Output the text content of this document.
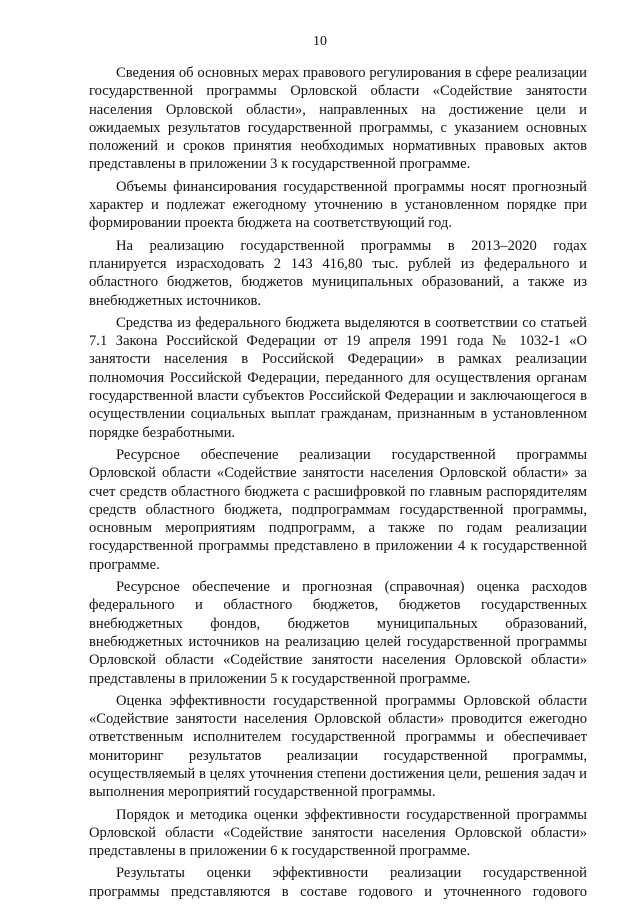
10

Сведения об основных мерах правового регулирования в сфере реализации государственной программы Орловской области «Содействие занятости населения Орловской области», направленных на достижение цели и ожидаемых результатов государственной программы, с указанием основных положений и сроков принятия необходимых нормативных правовых актов представлены в приложении 3 к государственной программе.

Объемы финансирования государственной программы носят прогнозный характер и подлежат ежегодному уточнению в установленном порядке при формировании проекта бюджета на соответствующий год.

На реализацию государственной программы в 2013–2020 годах планируется израсходовать 2 143 416,80 тыс. рублей из федерального и областного бюджетов, бюджетов муниципальных образований, а также из внебюджетных источников.

Средства из федерального бюджета выделяются в соответствии со статьей 7.1 Закона Российской Федерации от 19 апреля 1991 года № 1032-1 «О занятости населения в Российской Федерации» в рамках реализации полномочия Российской Федерации, переданного для осуществления органам государственной власти субъектов Российской Федерации и заключающегося в осуществлении социальных выплат гражданам, признанным в установленном порядке безработными.

Ресурсное обеспечение реализации государственной программы Орловской области «Содействие занятости населения Орловской области» за счет средств областного бюджета с расшифровкой по главным распорядителям средств областного бюджета, подпрограммам государственной программы, основным мероприятиям подпрограмм, а также по годам реализации государственной программы представлено в приложении 4 к государственной программе.

Ресурсное обеспечение и прогнозная (справочная) оценка расходов федерального и областного бюджетов, бюджетов государственных внебюджетных фондов, бюджетов муниципальных образований, внебюджетных источников на реализацию целей государственной программы Орловской области «Содействие занятости населения Орловской области» представлены в приложении 5 к государственной программе.

Оценка эффективности государственной программы Орловской области «Содействие занятости населения Орловской области» проводится ежегодно ответственным исполнителем государственной программы и обеспечивает мониторинг результатов реализации государственной программы, осуществляемый в целях уточнения степени достижения цели, решения задач и выполнения мероприятий государственной программы.

Порядок и методика оценки эффективности государственной программы Орловской области «Содействие занятости населения Орловской области» представлены в приложении 6 к государственной программе.

Результаты оценки эффективности реализации государственной программы представляются в составе годового и уточненного годового
